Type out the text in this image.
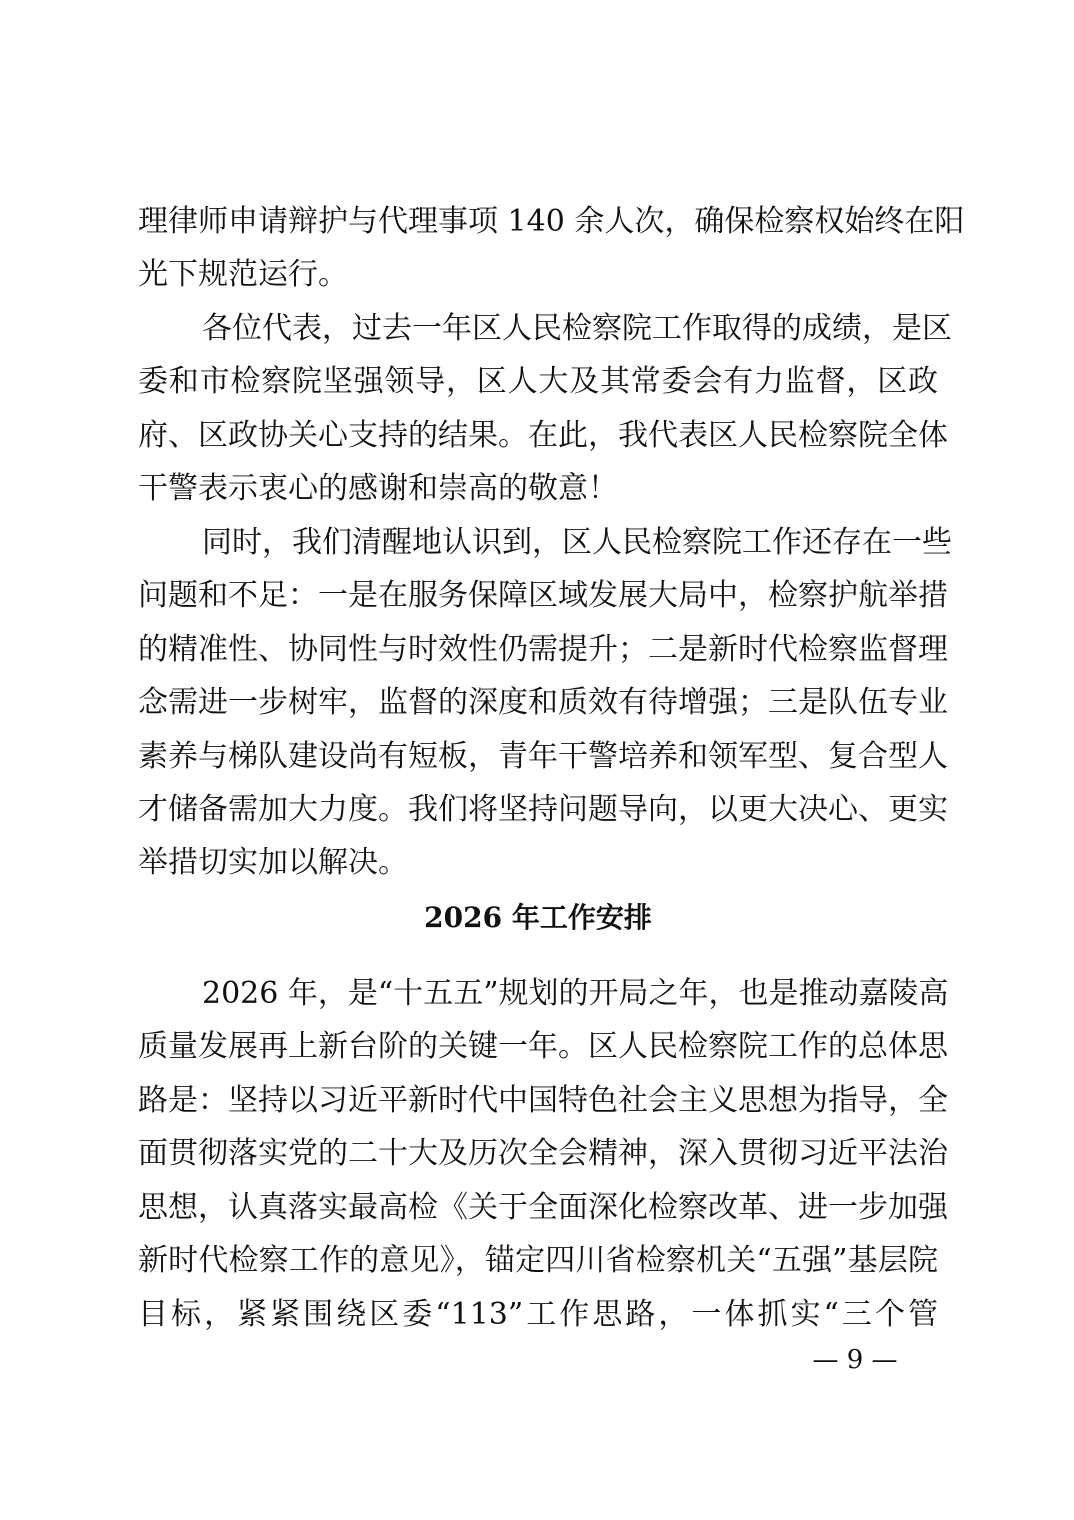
2026 年工作安排
— 9 —
理律师申请辩护与代理事项 140 余人次，确保检察权始终在阳
光下规范运行。
各位代表，过去一年区人民检察院工作取得的成绩，是区
委和市检察院坚强领导，区人大及其常委会有力监督，区政
府、区政协关心支持的结果。在此，我代表区人民检察院全体
干警表示衷心的感谢和崇高的敬意！
同时，我们清醒地认识到，区人民检察院工作还存在一些
问题和不足：一是在服务保障区域发展大局中，检察护航举措
的精准性、协同性与时效性仍需提升；二是新时代检察监督理
念需进一步树牢，监督的深度和质效有待增强；三是队伍专业
素养与梯队建设尚有短板，青年干警培养和领军型、复合型人
才储备需加大力度。我们将坚持问题导向，以更大决心、更实
举措切实加以解决。
2026 年，是“十五五”规划的开局之年，也是推动嘉陵高
质量发展再上新台阶的关键一年。区人民检察院工作的总体思
路是：坚持以习近平新时代中国特色社会主义思想为指导，全
面贯彻落实党的二十大及历次全会精神，深入贯彻习近平法治
思想，认真落实最高检《关于全面深化检察改革、进一步加强
新时代检察工作的意见》，锚定四川省检察机关“五强”基层院
目标，紧紧围绕区委“113”工作思路，一体抓实“三个管
